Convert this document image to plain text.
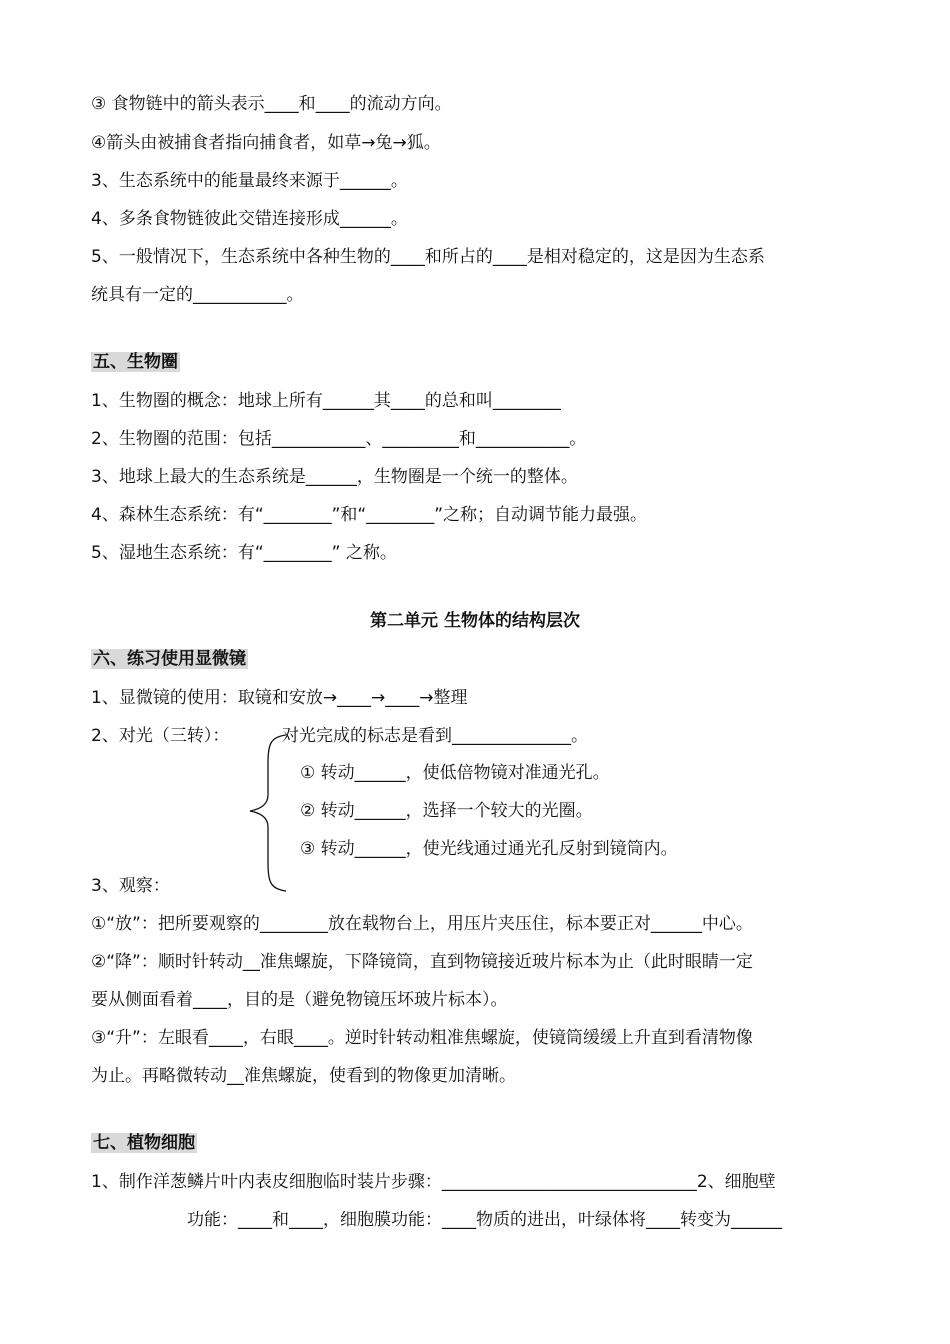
③ 食物链中的箭头表示____和____的流动方向。
④箭头由被捕食者指向捕食者，如草→兔→狐。
3、生态系统中的能量最终来源于______。
4、多条食物链彼此交错连接形成______。
5、一般情况下，生态系统中各种生物的____和所占的____是相对稳定的，这是因为生态系
统具有一定的___________。
五、生物圈
1、生物圈的概念：地球上所有______其____的总和叫________
2、生物圈的范围：包括___________、_________和___________。
3、地球上最大的生态系统是______，生物圈是一个统一的整体。
4、森林生态系统：有“________”和“________”之称；自动调节能力最强。
5、湿地生态系统：有“________” 之称。
第二单元 生物体的结构层次
六、练习使用显微镜
1、显微镜的使用：取镜和安放→____→____→整理
2、对光（三转）：	对光完成的标志是看到______________。
① 转动______，使低倍物镜对准通光孔。
② 转动______，选择一个较大的光圈。
③ 转动______，使光线通过通光孔反射到镜筒内。
3、观察：
①“放”：把所要观察的________放在载物台上，用压片夹压住，标本要正对______中心。
②“降”：顺时针转动__准焦螺旋，下降镜筒，直到物镜接近玻片标本为止（此时眼睛一定
要从侧面看着____，目的是（避免物镜压坏玻片标本）。
③“升”：左眼看____，右眼____。逆时针转动粗准焦螺旋，使镜筒缓缓上升直到看清物像
为止。再略微转动__准焦螺旋，使看到的物像更加清晰。
七、植物细胞
1、制作洋葱鳞片叶内表皮细胞临时装片步骤：______________________________2、细胞壁
功能：____和____，细胞膜功能：____物质的进出，叶绿体将____转变为______
